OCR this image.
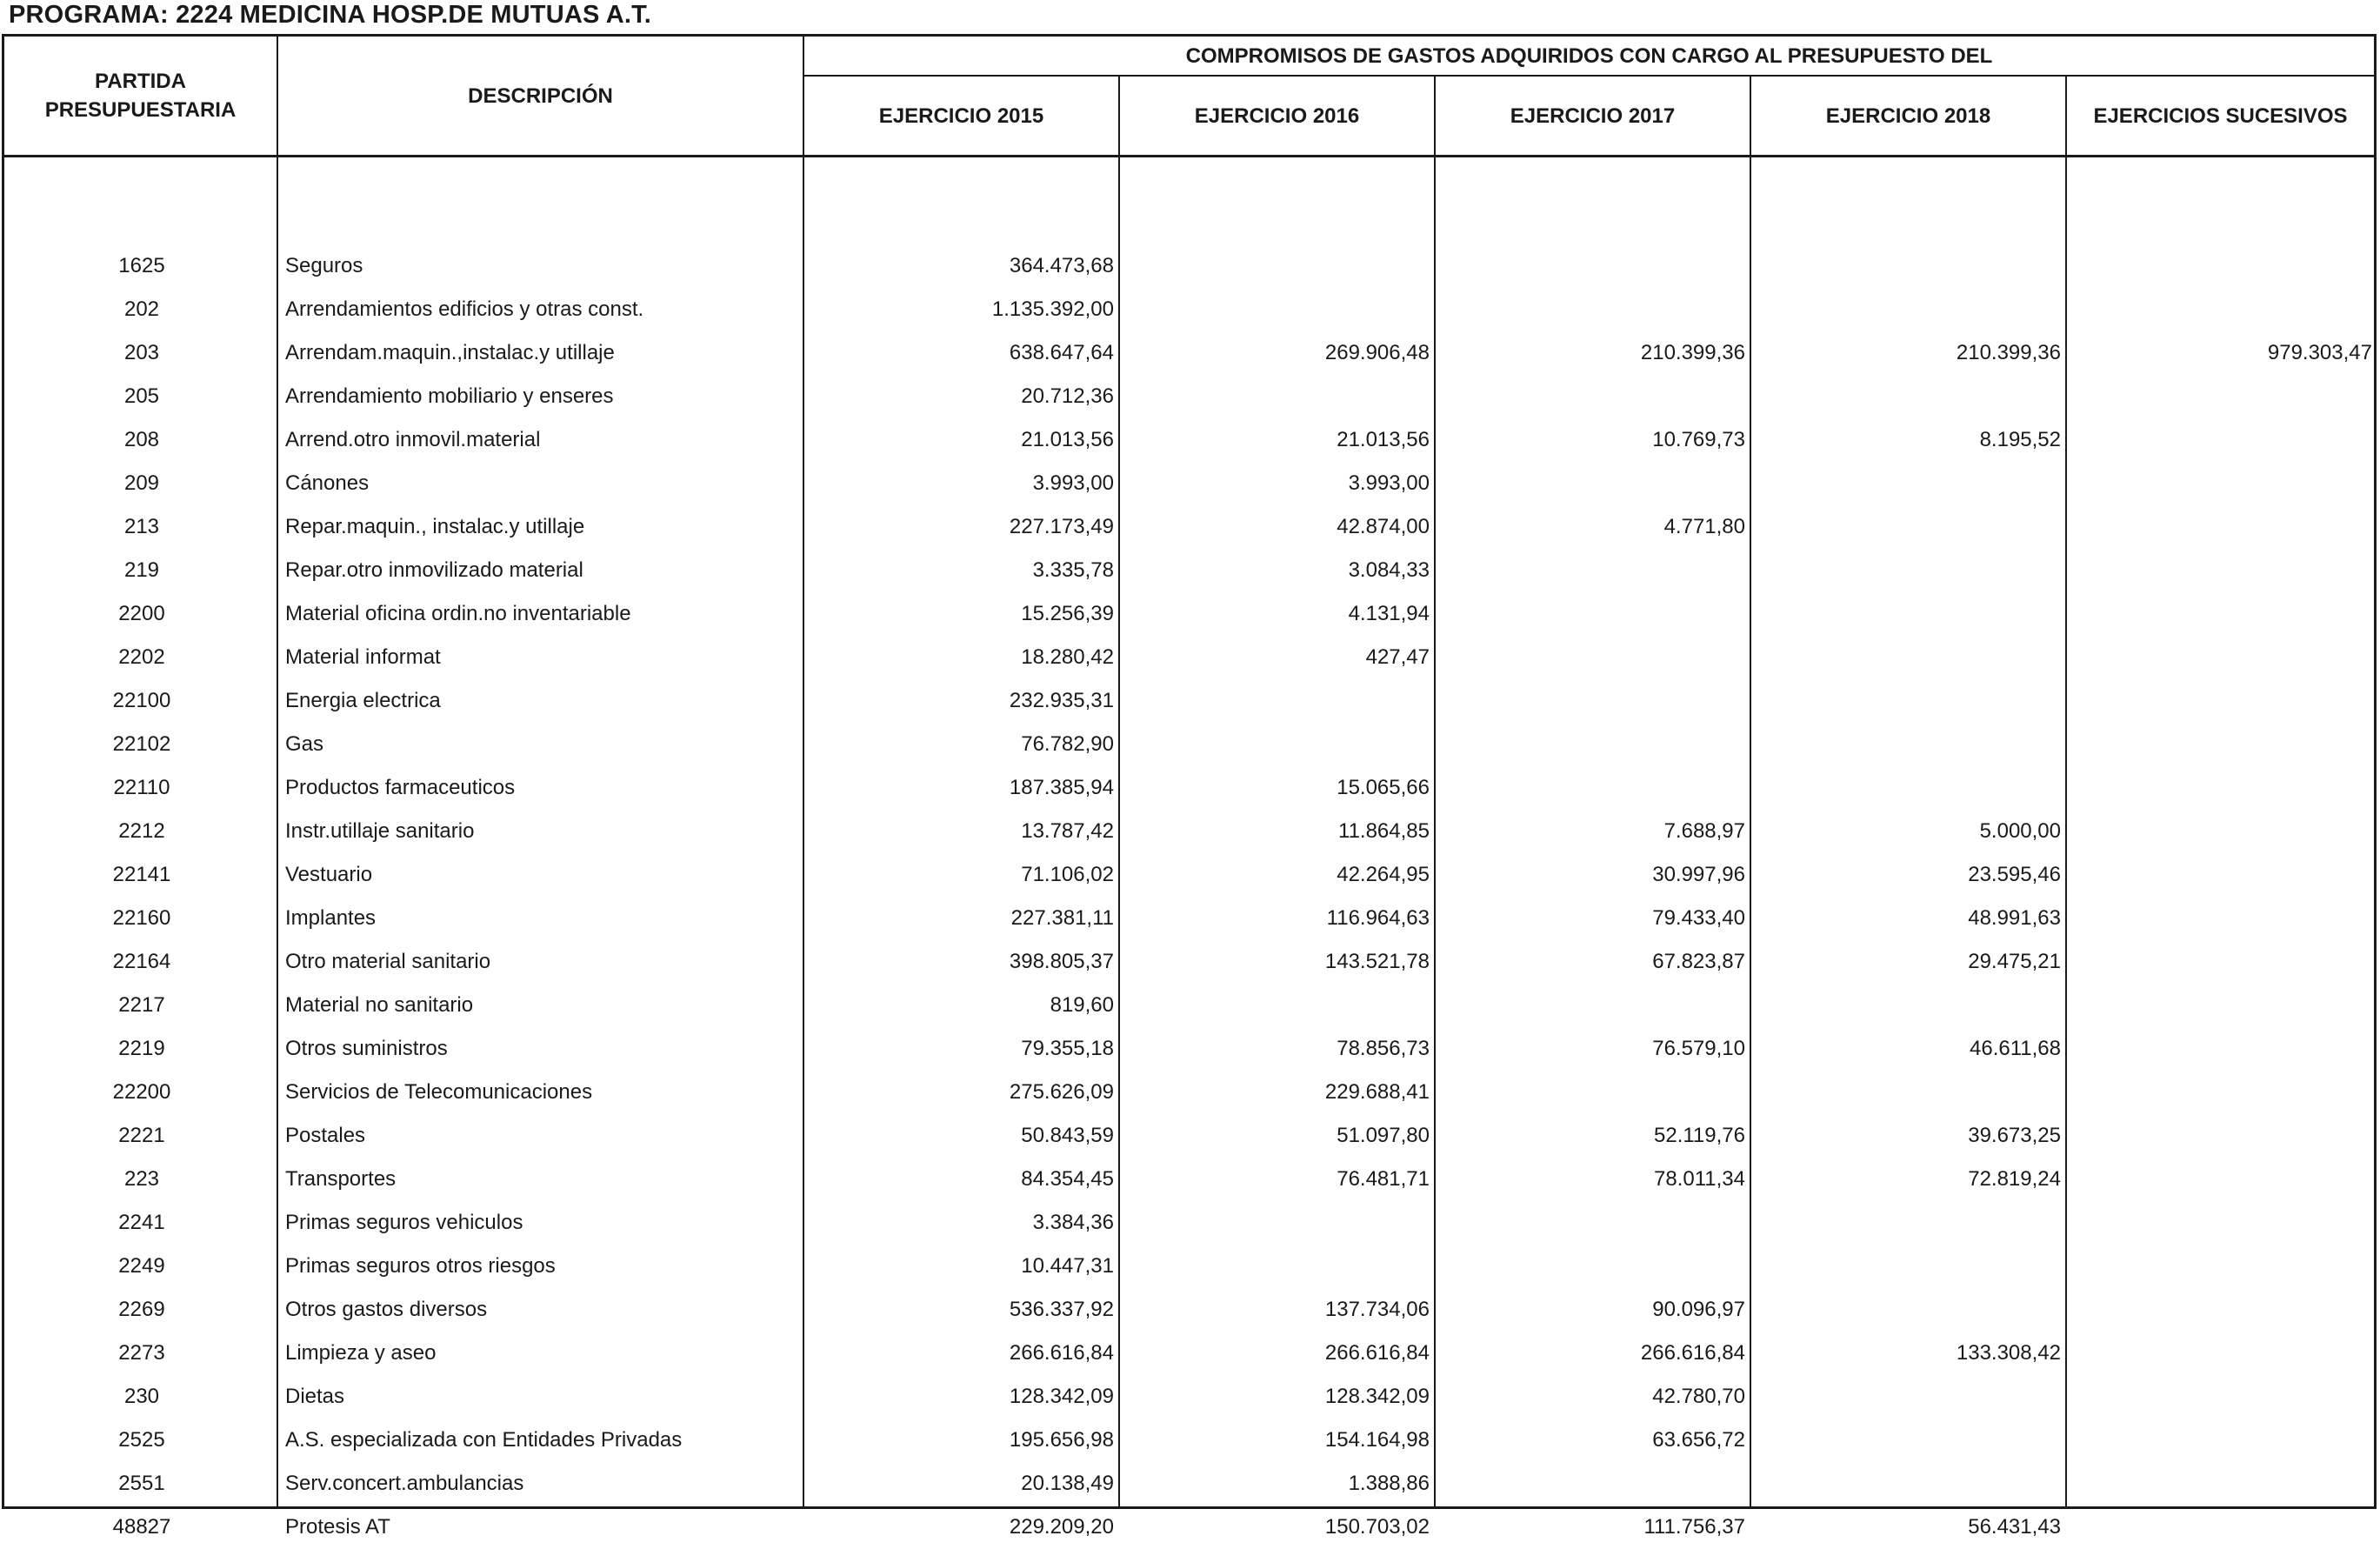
PROGRAMA: 2224 MEDICINA HOSP.DE MUTUAS A.T.
PARTIDA PRESUPUESTARIA
DESCRIPCIÓN
COMPROMISOS DE GASTOS ADQUIRIDOS CON CARGO AL PRESUPUESTO DEL
EJERCICIO 2015	EJERCICIO 2016	EJERCICIO 2017	EJERCICIO 2018	EJERCICIOS SUCESIVOS
1625	Seguros	364.473,68
202	Arrendamientos edificios y otras const.	1.135.392,00
203	Arrendam.maquin.,instalac.y utillaje	638.647,64	269.906,48	210.399,36	210.399,36	979.303,47
205	Arrendamiento mobiliario y enseres	20.712,36
208	Arrend.otro inmovil.material	21.013,56	21.013,56	10.769,73	8.195,52
209	Cánones	3.993,00	3.993,00
213	Repar.maquin., instalac.y utillaje	227.173,49	42.874,00	4.771,80
219	Repar.otro inmovilizado material	3.335,78	3.084,33
2200	Material oficina ordin.no inventariable	15.256,39	4.131,94
2202	Material informat	18.280,42	427,47
22100	Energia electrica	232.935,31
22102	Gas	76.782,90
22110	Productos farmaceuticos	187.385,94	15.065,66
2212	Instr.utillaje sanitario	13.787,42	11.864,85	7.688,97	5.000,00
22141	Vestuario	71.106,02	42.264,95	30.997,96	23.595,46
22160	Implantes	227.381,11	116.964,63	79.433,40	48.991,63
22164	Otro material sanitario	398.805,37	143.521,78	67.823,87	29.475,21
2217	Material no sanitario	819,60
2219	Otros suministros	79.355,18	78.856,73	76.579,10	46.611,68
22200	Servicios de Telecomunicaciones	275.626,09	229.688,41
2221	Postales	50.843,59	51.097,80	52.119,76	39.673,25
223	Transportes	84.354,45	76.481,71	78.011,34	72.819,24
2241	Primas seguros vehiculos	3.384,36
2249	Primas seguros otros riesgos	10.447,31
2269	Otros gastos diversos	536.337,92	137.734,06	90.096,97
2273	Limpieza y aseo	266.616,84	266.616,84	266.616,84	133.308,42
230	Dietas	128.342,09	128.342,09	42.780,70
2525	A.S. especializada con Entidades Privadas	195.656,98	154.164,98	63.656,72
2551	Serv.concert.ambulancias	20.138,49	1.388,86
48827	Protesis AT	229.209,20	150.703,02	111.756,37	56.431,43
